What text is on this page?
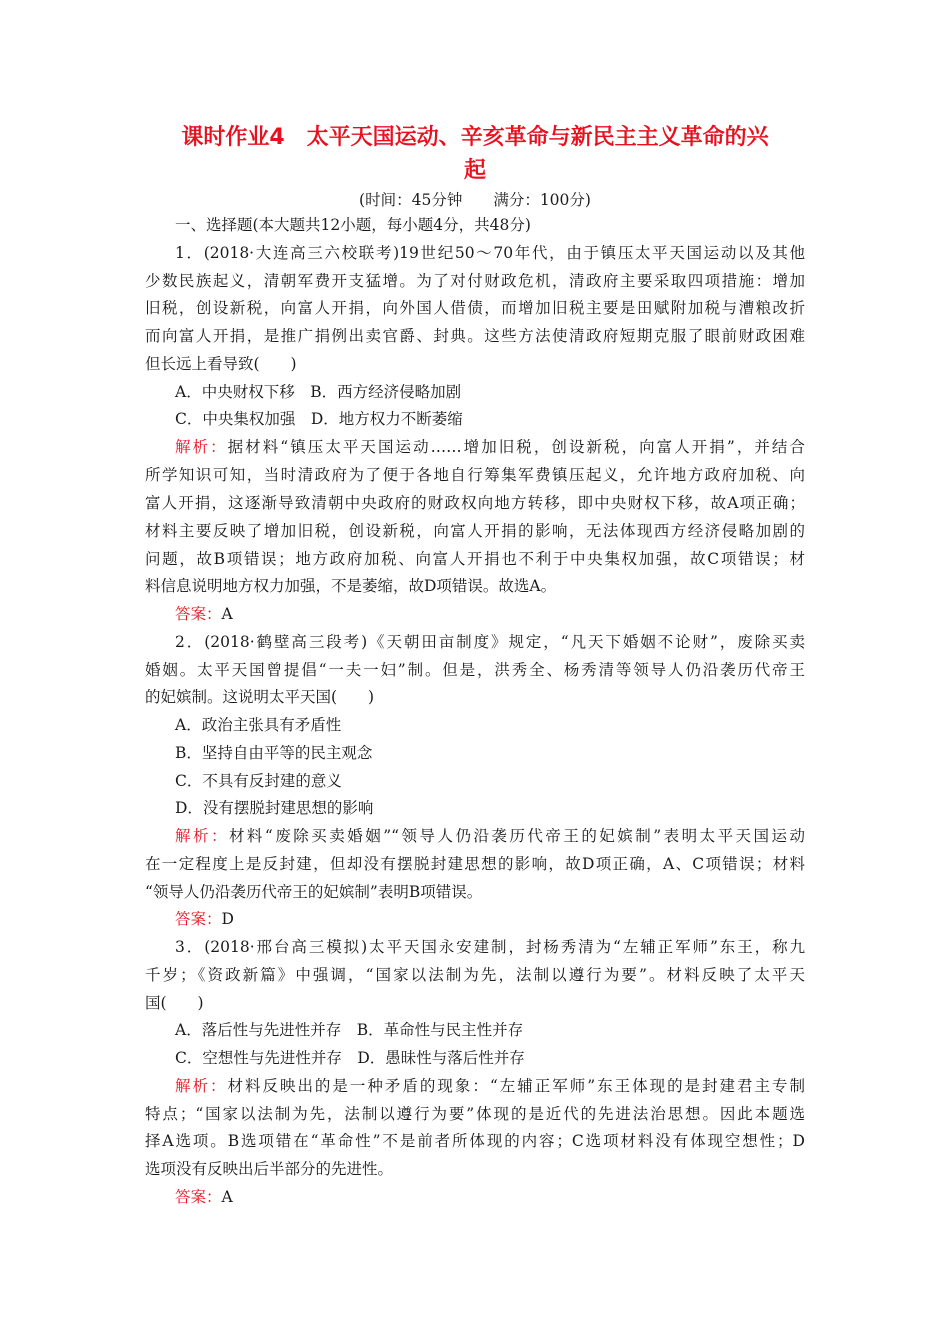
课时作业4　太平天国运动、辛亥革命与新民主主义革命的兴
起
(时间：45分钟　　满分：100分)
一、选择题(本大题共12小题，每小题4分，共48分)
1．(2018·大连高三六校联考)19世纪50～70年代，由于镇压太平天国运动以及其他
少数民族起义，清朝军费开支猛增。为了对付财政危机，清政府主要采取四项措施：增加
旧税，创设新税，向富人开捐，向外国人借债，而增加旧税主要是田赋附加税与漕粮改折
而向富人开捐，是推广捐例出卖官爵、封典。这些方法使清政府短期克服了眼前财政困难
但长远上看导致(　　)
A．中央财权下移　B．西方经济侵略加剧
C．中央集权加强　D．地方权力不断萎缩
解析：据材料“镇压太平天国运动……增加旧税，创设新税，向富人开捐”，并结合
所学知识可知，当时清政府为了便于各地自行筹集军费镇压起义，允许地方政府加税、向
富人开捐，这逐渐导致清朝中央政府的财政权向地方转移，即中央财权下移，故A项正确；
材料主要反映了增加旧税，创设新税，向富人开捐的影响，无法体现西方经济侵略加剧的
问题，故B项错误；地方政府加税、向富人开捐也不利于中央集权加强，故C项错误；材
料信息说明地方权力加强，不是萎缩，故D项错误。故选A。
答案：A
2．(2018·鹤壁高三段考)《天朝田亩制度》规定，“凡天下婚姻不论财”，废除买卖
婚姻。太平天国曾提倡“一夫一妇”制。但是，洪秀全、杨秀清等领导人仍沿袭历代帝王
的妃嫔制。这说明太平天国(　　)
A．政治主张具有矛盾性
B．坚持自由平等的民主观念
C．不具有反封建的意义
D．没有摆脱封建思想的影响
解析：材料“废除买卖婚姻”“领导人仍沿袭历代帝王的妃嫔制”表明太平天国运动
在一定程度上是反封建，但却没有摆脱封建思想的影响，故D项正确，A、C项错误；材料
“领导人仍沿袭历代帝王的妃嫔制”表明B项错误。
答案：D
3．(2018·邢台高三模拟)太平天国永安建制，封杨秀清为“左辅正军师”东王，称九
千岁；《资政新篇》中强调，“国家以法制为先，法制以遵行为要”。材料反映了太平天
国(　　)
A．落后性与先进性并存　B．革命性与民主性并存
C．空想性与先进性并存　D．愚昧性与落后性并存
解析：材料反映出的是一种矛盾的现象：“左辅正军师”东王体现的是封建君主专制
特点；“国家以法制为先，法制以遵行为要”体现的是近代的先进法治思想。因此本题选
择A选项。B选项错在“革命性”不是前者所体现的内容；C选项材料没有体现空想性；D
选项没有反映出后半部分的先进性。
答案：A
